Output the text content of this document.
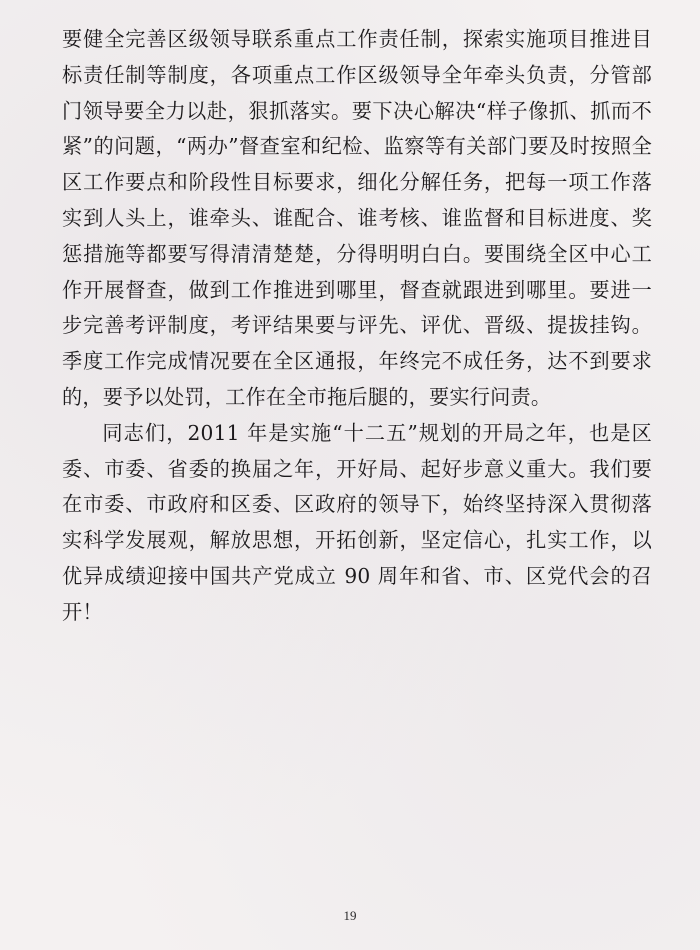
要健全完善区级领导联系重点工作责任制，探索实施项目推进目标责任制等制度，各项重点工作区级领导全年牵头负责，分管部门领导要全力以赴，狠抓落实。要下决心解决“样子像抓、抓而不紧”的问题，“两办”督查室和纪检、监察等有关部门要及时按照全区工作要点和阶段性目标要求，细化分解任务，把每一项工作落实到人头上，谁牵头、谁配合、谁考核、谁监督和目标进度、奖惩措施等都要写得清清楚楚，分得明明白白。要围绕全区中心工作开展督查，做到工作推进到哪里，督查就跟进到哪里。要进一步完善考评制度，考评结果要与评先、评优、晋级、提拔挂钩。季度工作完成情况要在全区通报，年终完不成任务，达不到要求的，要予以处罚，工作在全市拖后腿的，要实行问责。

同志们，2011 年是实施“十二五”规划的开局之年，也是区委、市委、省委的换届之年，开好局、起好步意义重大。我们要在市委、市政府和区委、区政府的领导下，始终坚持深入贯彻落实科学发展观，解放思想，开拓创新，坚定信心，扎实工作，以优异成绩迎接中国共产党成立 90 周年和省、市、区党代会的召开！

19
